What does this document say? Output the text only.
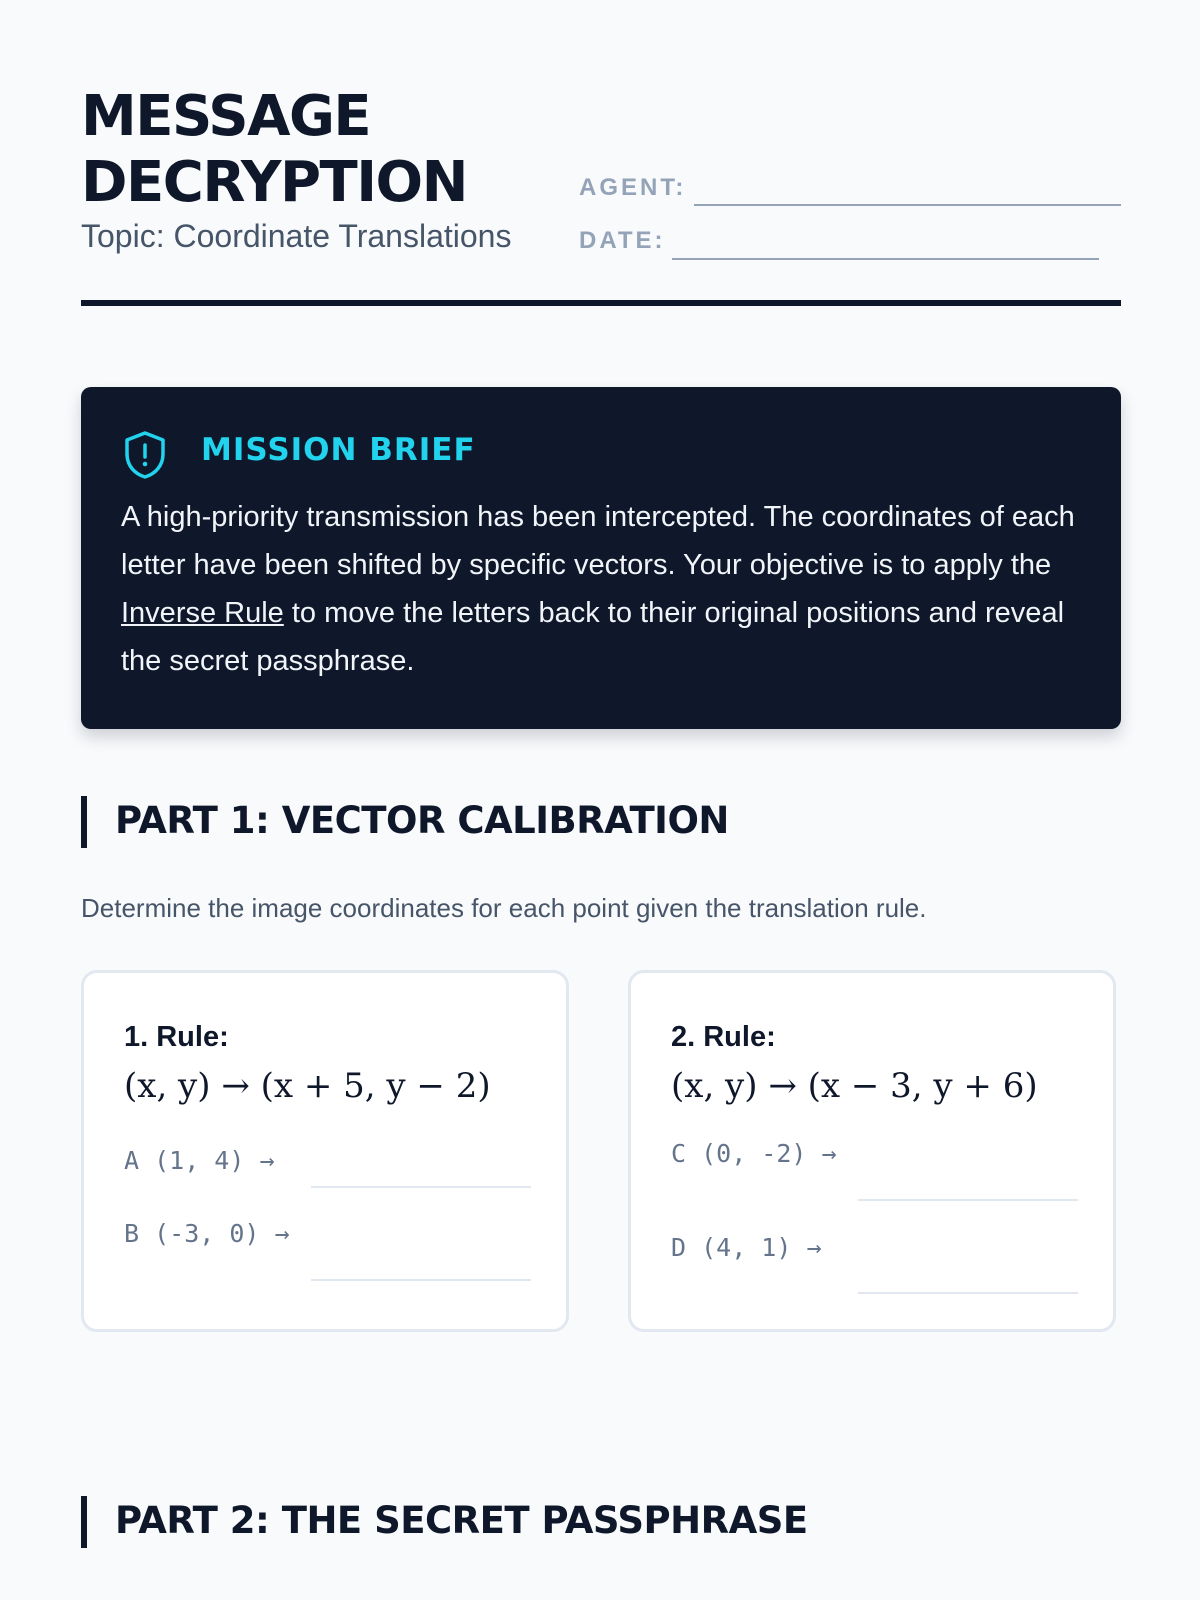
MESSAGE
DECRYPTION
Topic: Coordinate Translations
AGENT:
DATE:
MISSION BRIEF
A high-priority transmission has been intercepted. The coordinates of each letter have been shifted by specific vectors. Your objective is to apply the Inverse Rule to move the letters back to their original positions and reveal the secret passphrase.
PART 1: VECTOR CALIBRATION
Determine the image coordinates for each point given the translation rule.
1. Rule:
(x, y) → (x + 5, y − 2)
A (1, 4) →
B (-3, 0) →
2. Rule:
(x, y) → (x − 3, y + 6)
C (0, -2) →
D (4, 1) →
PART 2: THE SECRET PASSPHRASE
